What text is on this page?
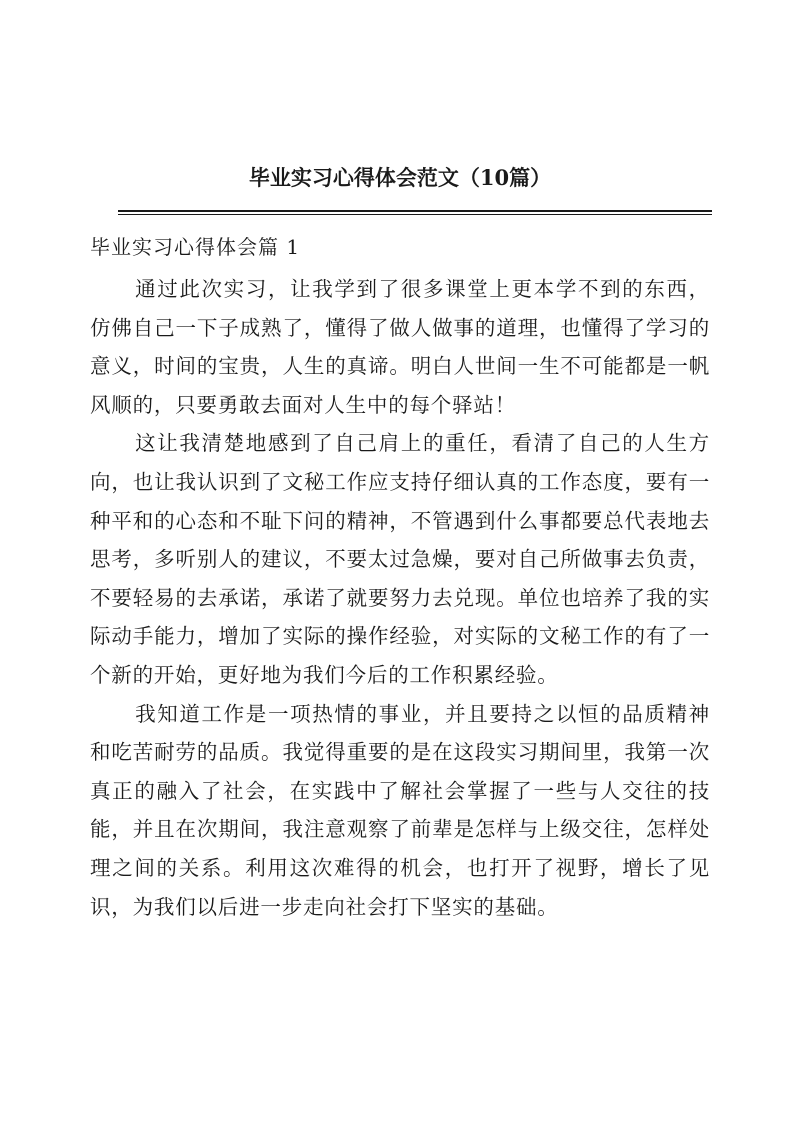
毕业实习心得体会范文（10篇）
毕业实习心得体会篇 1

通过此次实习，让我学到了很多课堂上更本学不到的东西，仿佛自己一下子成熟了，懂得了做人做事的道理，也懂得了学习的意义，时间的宝贵，人生的真谛。明白人世间一生不可能都是一帆风顺的，只要勇敢去面对人生中的每个驿站！

这让我清楚地感到了自己肩上的重任，看清了自己的人生方向，也让我认识到了文秘工作应支持仔细认真的工作态度，要有一种平和的心态和不耻下问的精神，不管遇到什么事都要总代表地去思考，多听别人的建议，不要太过急燥，要对自己所做事去负责，不要轻易的去承诺，承诺了就要努力去兑现。单位也培养了我的实际动手能力，增加了实际的操作经验，对实际的文秘工作的有了一个新的开始，更好地为我们今后的工作积累经验。

我知道工作是一项热情的事业，并且要持之以恒的品质精神和吃苦耐劳的品质。我觉得重要的是在这段实习期间里，我第一次真正的融入了社会，在实践中了解社会掌握了一些与人交往的技能，并且在次期间，我注意观察了前辈是怎样与上级交往，怎样处理之间的关系。利用这次难得的机会，也打开了视野，增长了见识，为我们以后进一步走向社会打下坚实的基础。
